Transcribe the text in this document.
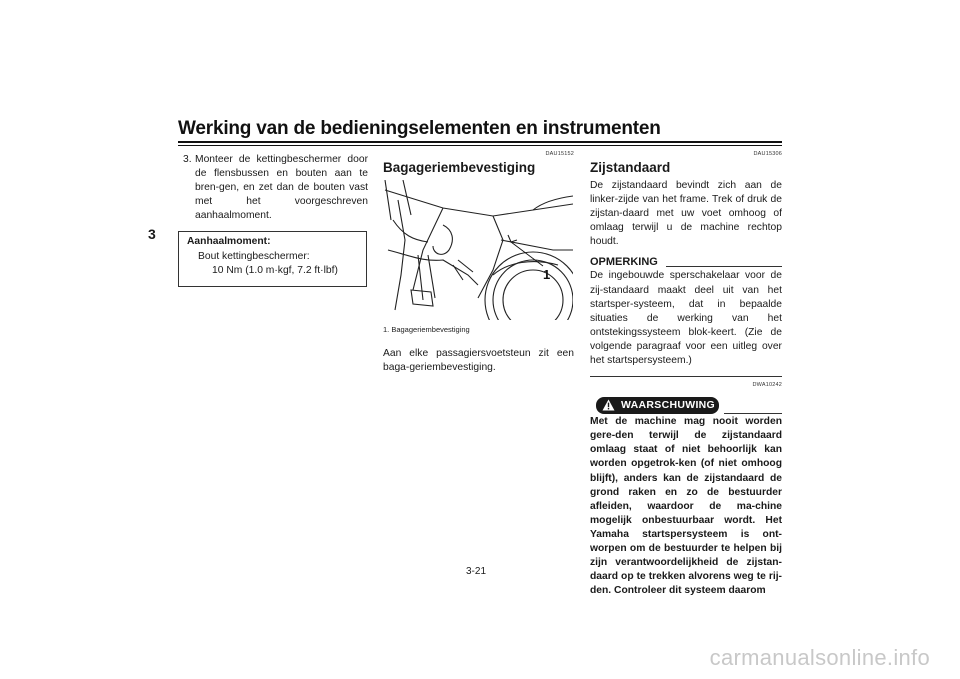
Werking van de bedieningselementen en instrumenten
3
3. Monteer de kettingbeschermer door de flensbussen en bouten aan te bren-gen, en zet dan de bouten vast met het voorgeschreven aanhaalmoment.
Aanhaalmoment:
Bout kettingbeschermer:
10 Nm (1.0 m·kgf, 7.2 ft·lbf)
DAU15152
Bagageriembevestiging
1
1. Bagageriembevestiging

Aan elke passagiersvoetsteun zit een baga-geriembevestiging.

DAU15306
Zijstandaard

De zijstandaard bevindt zich aan de linker-zijde van het frame. Trek of druk de zijstan-daard met uw voet omhoog of omlaag terwijl u de machine rechtop houdt.

OPMERKING

De ingebouwde sperschakelaar voor de zij-standaard maakt deel uit van het startsper-systeem, dat in bepaalde situaties de werking van het ontstekingssysteem blok-keert. (Zie de volgende paragraaf voor een uitleg over het startspersysteem.)

DWA10242
WAARSCHUWING

Met de machine mag nooit worden gere-den terwijl de zijstandaard omlaag staat of niet behoorlijk kan worden opgetrok-ken (of niet omhoog blijft), anders kan de zijstandaard de grond raken en zo de bestuurder afleiden, waardoor de ma-chine mogelijk onbestuurbaar wordt. Het Yamaha startspersysteem is ont-worpen om de bestuurder te helpen bij zijn verantwoordelijkheid de zijstan-daard op te trekken alvorens weg te rij-den. Controleer dit systeem daarom

3-21
carmanualsonline.info
